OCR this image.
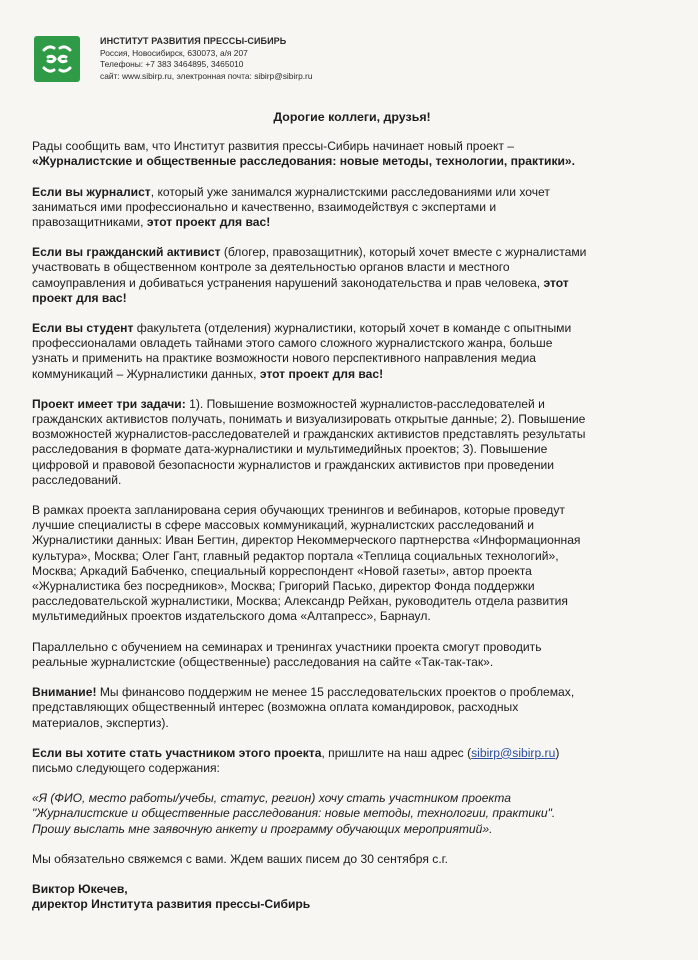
ИНСТИТУТ РАЗВИТИЯ ПРЕССЫ-СИБИРЬ
Россия, Новосибирск, 630073, а/я 207
Телефоны: +7 383 3464895, 3465010
сайт: www.sibirp.ru, электронная почта: sibirp@sibirp.ru
Дорогие коллеги, друзья!

Рады сообщить вам, что Институт развития прессы-Сибирь начинает новый проект –
«Журналистские и общественные расследования: новые методы, технологии, практики».

Если вы журналист, который уже занимался журналистскими расследованиями или хочет
заниматься ими профессионально и качественно, взаимодействуя с экспертами и
правозащитниками, этот проект для вас!

Если вы гражданский активист (блогер, правозащитник), который хочет вместе с журналистами
участвовать в общественном контроле за деятельностью органов власти и местного
самоуправления и добиваться устранения нарушений законодательства и прав человека, этот
проект для вас!

Если вы студент факультета (отделения) журналистики, который хочет в команде с опытными
профессионалами овладеть тайнами этого самого сложного журналистского жанра, больше
узнать и применить на практике возможности нового перспективного направления медиа
коммуникаций – Журналистики данных, этот проект для вас!

Проект имеет три задачи: 1). Повышение возможностей журналистов-расследователей и
гражданских активистов получать, понимать и визуализировать открытые данные; 2). Повышение
возможностей журналистов-расследователей и гражданских активистов представлять результаты
расследования в формате дата-журналистики и мультимедийных проектов; 3). Повышение
цифровой и правовой безопасности журналистов и гражданских активистов при проведении
расследований.

В рамках проекта запланирована серия обучающих тренингов и вебинаров, которые проведут
лучшие специалисты в сфере массовых коммуникаций, журналистских расследований и
Журналистики данных: Иван Бегтин, директор Некоммерческого партнерства «Информационная
культура», Москва; Олег Гант, главный редактор портала «Теплица социальных технологий»,
Москва; Аркадий Бабченко, специальный корреспондент «Новой газеты», автор проекта
«Журналистика без посредников», Москва; Григорий Пасько, директор Фонда поддержки
расследовательской журналистики, Москва; Александр Рейхан, руководитель отдела развития
мультимедийных проектов издательского дома «Алтапресс», Барнаул.

Параллельно с обучением на семинарах и тренингах участники проекта смогут проводить
реальные журналистские (общественные) расследования на сайте «Так-так-так».

Внимание! Мы финансово поддержим не менее 15 расследовательских проектов о проблемах,
представляющих общественный интерес (возможна оплата командировок, расходных
материалов, экспертиз).

Если вы хотите стать участником этого проекта, пришлите на наш адрес (sibirp@sibirp.ru)
письмо следующего содержания:

«Я (ФИО, место работы/учебы, статус, регион) хочу стать участником проекта
"Журналистские и общественные расследования: новые методы, технологии, практики".
Прошу выслать мне заявочную анкету и программу обучающих мероприятий».

Мы обязательно свяжемся с вами. Ждем ваших писем до 30 сентября с.г.

Виктор Юкечев,
директор Института развития прессы-Сибирь
